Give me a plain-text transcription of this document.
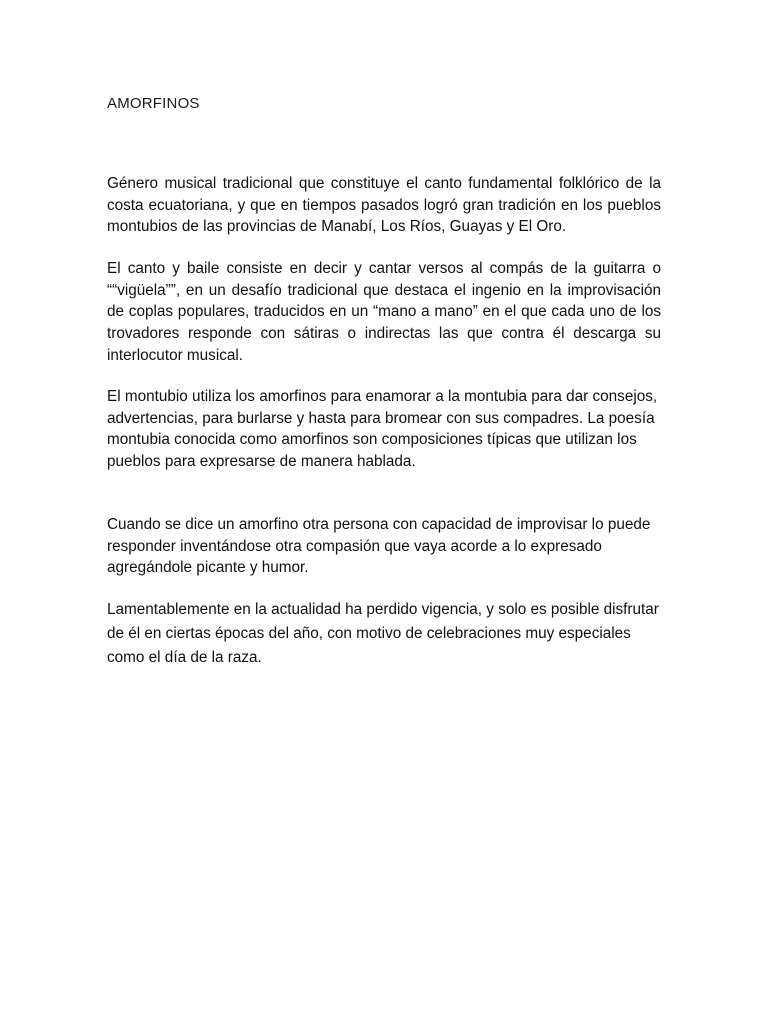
AMORFINOS

Género musical tradicional que constituye el canto fundamental folklórico de la costa ecuatoriana, y que en tiempos pasados logró gran tradición en los pueblos montubios de las provincias de Manabí, Los Ríos, Guayas y El Oro.

El canto y baile consiste en decir y cantar versos al compás de la guitarra o ““vigüela””, en un desafío tradicional que destaca el ingenio en la improvisación de coplas populares, traducidos en un “mano a mano” en el que cada uno de los trovadores responde con sátiras o indirectas las que contra él descarga su interlocutor musical.

El montubio utiliza los amorfinos para enamorar a la montubia para dar consejos, advertencias, para burlarse y hasta para bromear con sus compadres. La poesía montubia conocida como amorfinos son composiciones típicas que utilizan los pueblos para expresarse de manera hablada.

Cuando se dice un amorfino otra persona con capacidad de improvisar lo puede responder inventándose otra compasión que vaya acorde a lo expresado agregándole picante y humor.

Lamentablemente en la actualidad ha perdido vigencia, y solo es posible disfrutar de él en ciertas épocas del año, con motivo de celebraciones muy especiales como el día de la raza.
